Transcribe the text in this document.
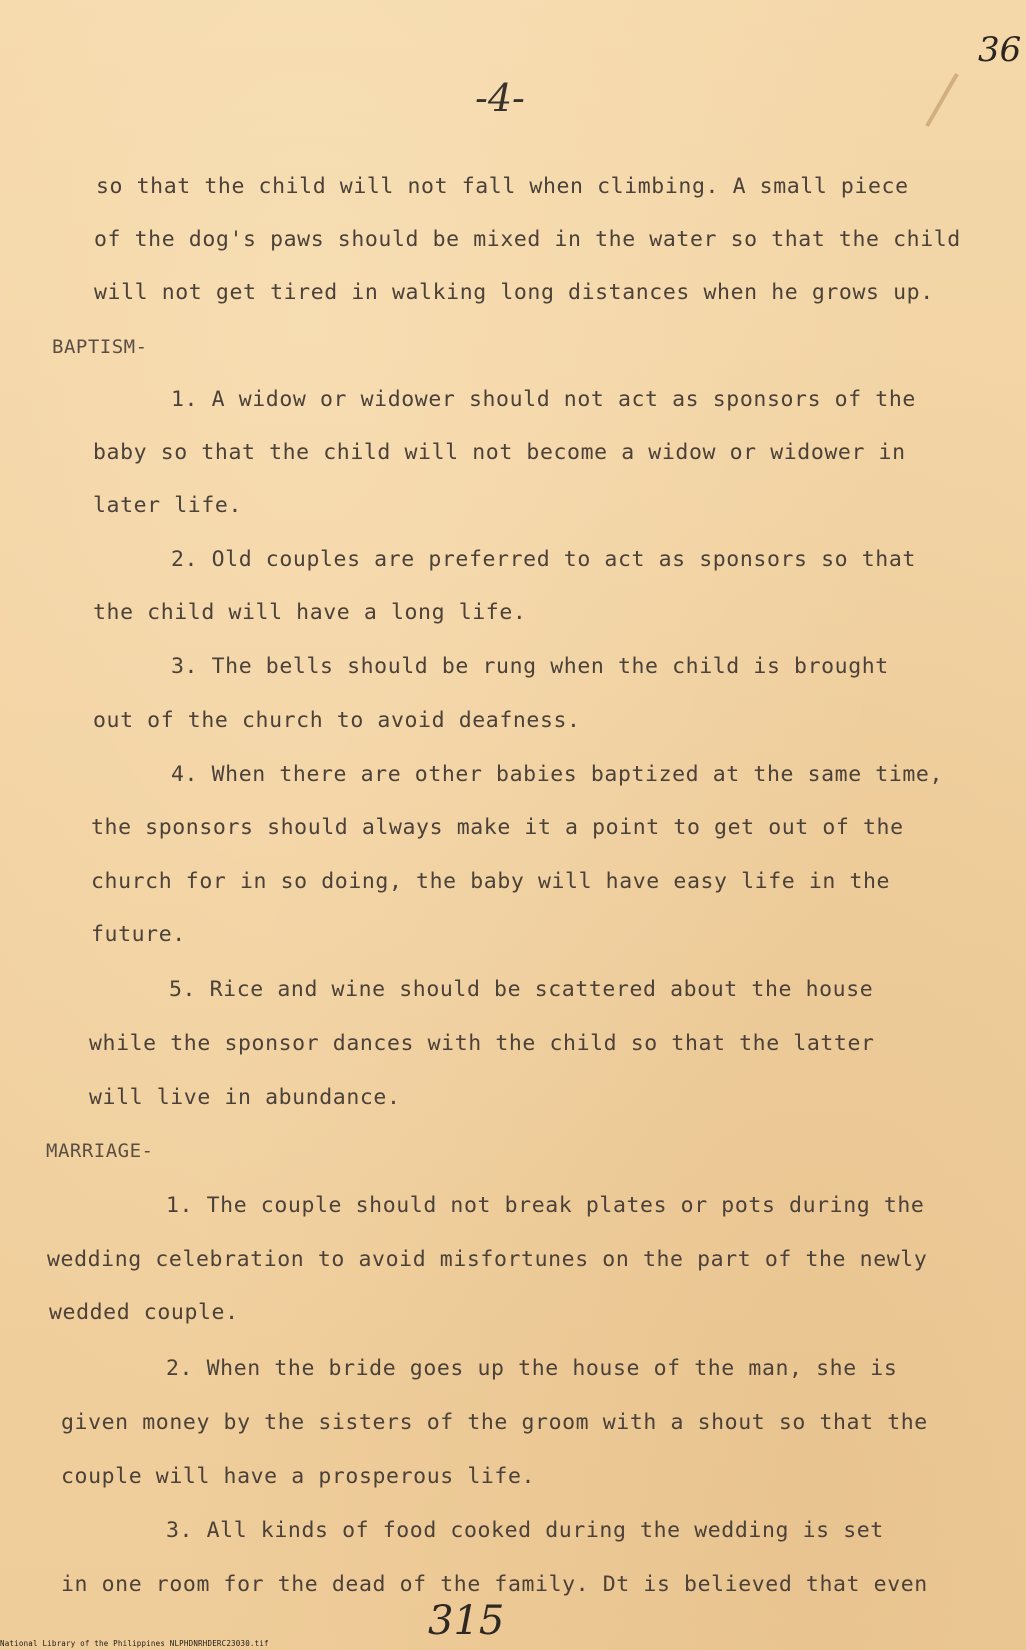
36
-4-
so that the child will not fall when climbing. A small piece
of the dog's paws should be mixed in the water so that the child
will not get tired in walking long distances when he grows up.
BAPTISM-
1. A widow or widower should not act as sponsors of the
baby so that the child will not become a widow or widower in
later life.
2. Old couples are preferred to act as sponsors so that
the child will have a long life.
3. The bells should be rung when the child is brought
out of the church to avoid deafness.
4. When there are other babies baptized at the same time,
the sponsors should always make it a point to get out of the
church for in so doing, the baby will have easy life in the
future.
5. Rice and wine should be scattered about the house
while the sponsor dances with the child so that the latter
will live in abundance.
MARRIAGE-
1. The couple should not break plates or pots during the
wedding celebration to avoid misfortunes on the part of the newly
wedded couple.
2. When the bride goes up the house of the man, she is
given money by the sisters of the groom with a shout so that the
couple will have a prosperous life.
3. All kinds of food cooked during the wedding is set
in one room for the dead of the family. Dt is believed that even
315
National Library of the Philippines NLPHDNRHDERC23030.tif
